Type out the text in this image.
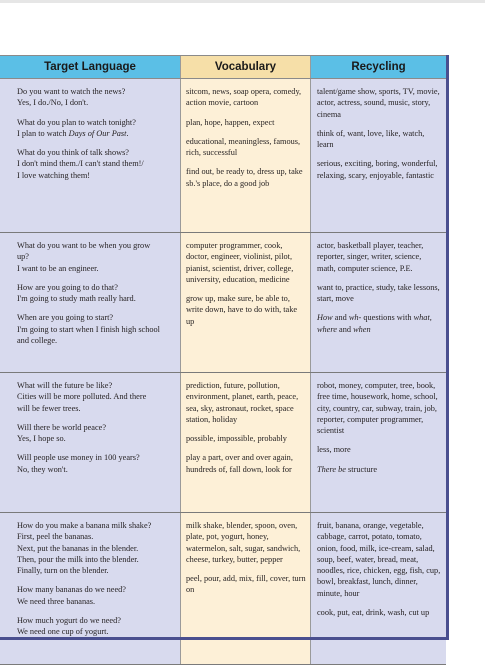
Target Language	Vocabulary	Recycling
Do you want to watch the news?
Yes, I do./No, I don't.
What do you plan to watch tonight?
I plan to watch Days of Our Past.
What do you think of talk shows?
I don't mind them./I can't stand them!/
I love watching them!
sitcom, news, soap opera, comedy, action movie, cartoon
plan, hope, happen, expect
educational, meaningless, famous, rich, successful
find out, be ready to, dress up, take sb.'s place, do a good job
talent/game show, sports, TV, movie, actor, actress, sound, music, story, cinema
think of, want, love, like, watch, learn
serious, exciting, boring, wonderful, relaxing, scary, enjoyable, fantastic
What do you want to be when you grow
up?
I want to be an engineer.
How are you going to do that?
I'm going to study math really hard.
When are you going to start?
I'm going to start when I finish high school
and college.
computer programmer, cook, doctor, engineer, violinist, pilot, pianist, scientist, driver, college, university, education, medicine
grow up, make sure, be able to, write down, have to do with, take up
actor, basketball player, teacher, reporter, singer, writer, science, math, computer science, P.E.
want to, practice, study, take lessons, start, move
How and wh- questions with what, where and when
What will the future be like?
Cities will be more polluted. And there
will be fewer trees.
Will there be world peace?
Yes, I hope so.
Will people use money in 100 years?
No, they won't.
prediction, future, pollution, environment, planet, earth, peace, sea, sky, astronaut, rocket, space station, holiday
possible, impossible, probably
play a part, over and over again, hundreds of, fall down, look for
robot, money, computer, tree, book, free time, housework, home, school, city, country, car, subway, train, job, reporter, computer programmer, scientist
less, more
There be structure
How do you make a banana milk shake?
First, peel the bananas.
Next, put the bananas in the blender.
Then, pour the milk into the blender.
Finally, turn on the blender.
How many bananas do we need?
We need three bananas.
How much yogurt do we need?
We need one cup of yogurt.
milk shake, blender, spoon, oven, plate, pot, yogurt, honey, watermelon, salt, sugar, sandwich, cheese, turkey, butter, pepper
peel, pour, add, mix, fill, cover, turn on
fruit, banana, orange, vegetable, cabbage, carrot, potato, tomato, onion, food, milk, ice-cream, salad, soup, beef, water, bread, meat, noodles, rice, chicken, egg, fish, cup, bowl, breakfast, lunch, dinner, minute, hour
cook, put, eat, drink, wash, cut up
